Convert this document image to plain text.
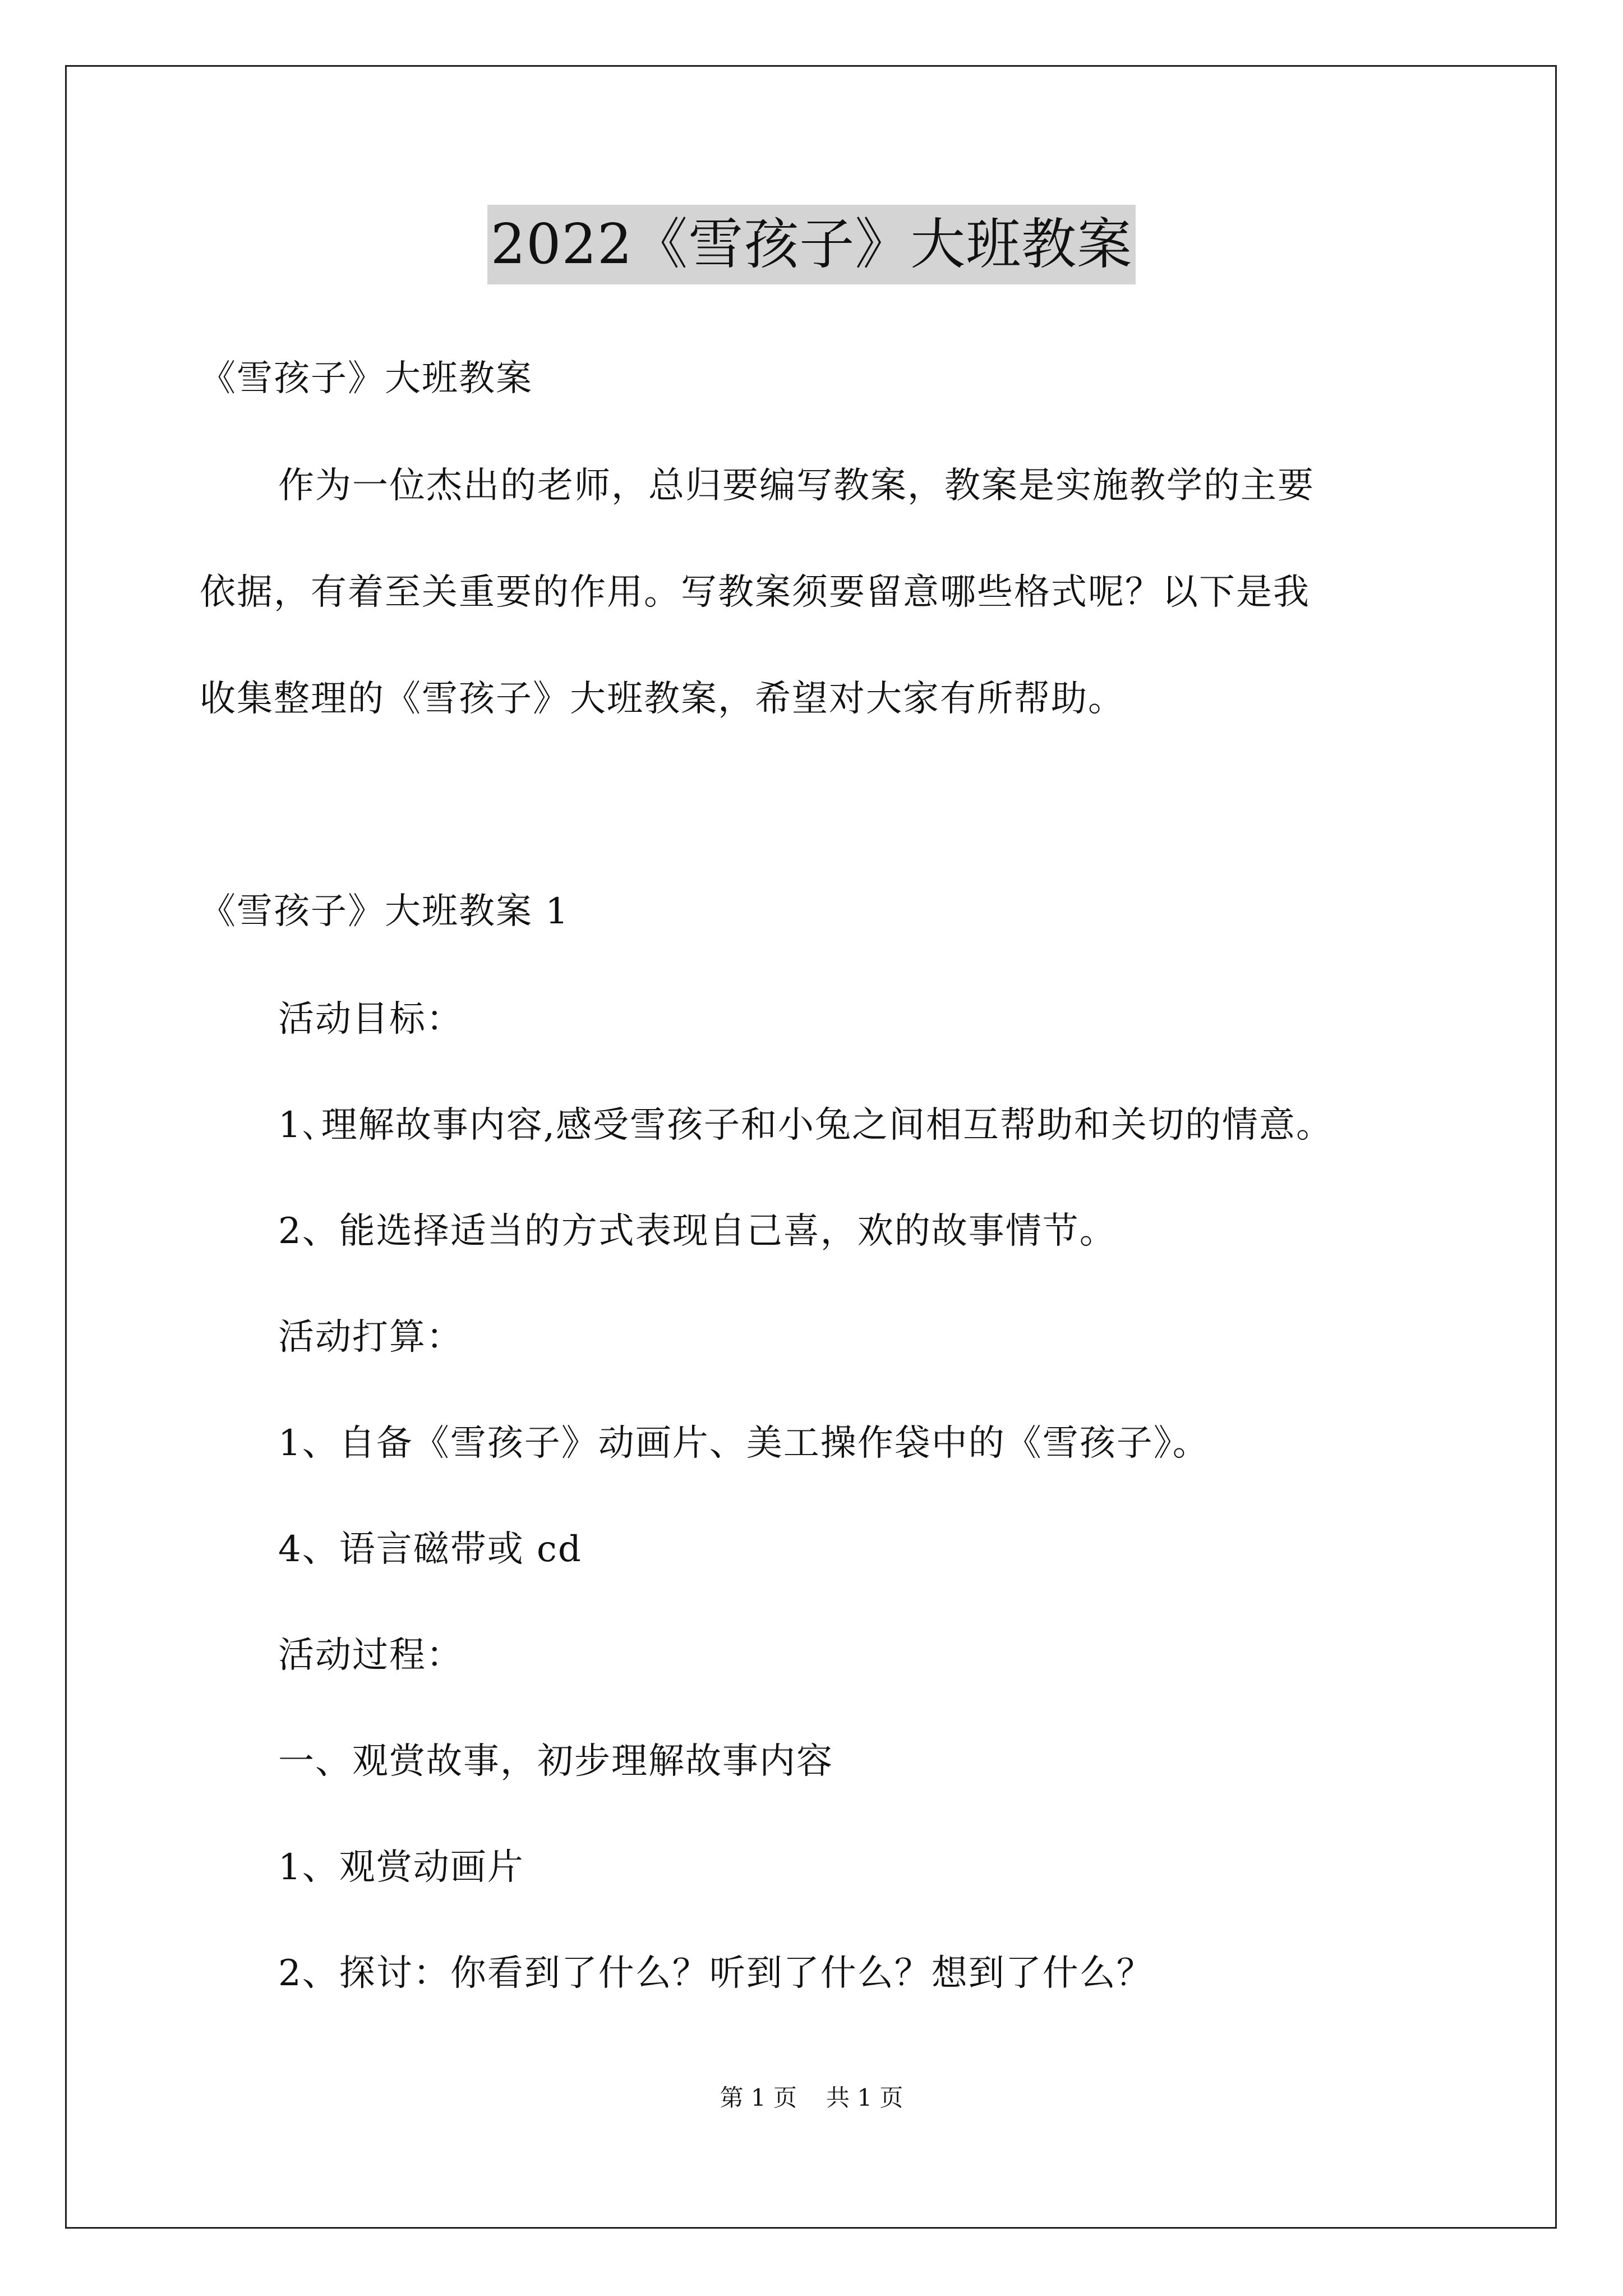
2022《雪孩子》大班教案
《雪孩子》大班教案
作为一位杰出的老师，总归要编写教案，教案是实施教学的主要
依据，有着至关重要的作用。写教案须要留意哪些格式呢？以下是我
收集整理的《雪孩子》大班教案，希望对大家有所帮助。
《雪孩子》大班教案 1
活动目标：
1､理解故事内容,感受雪孩子和小兔之间相互帮助和关切的情意。
2、能选择适当的方式表现自己喜，欢的故事情节。
活动打算：
1、自备《雪孩子》动画片、美工操作袋中的《雪孩子》。
4、语言磁带或 cd
活动过程：
一、观赏故事，初步理解故事内容
1、观赏动画片
2、探讨：你看到了什么？听到了什么？想到了什么？
第 1 页 共 1 页
